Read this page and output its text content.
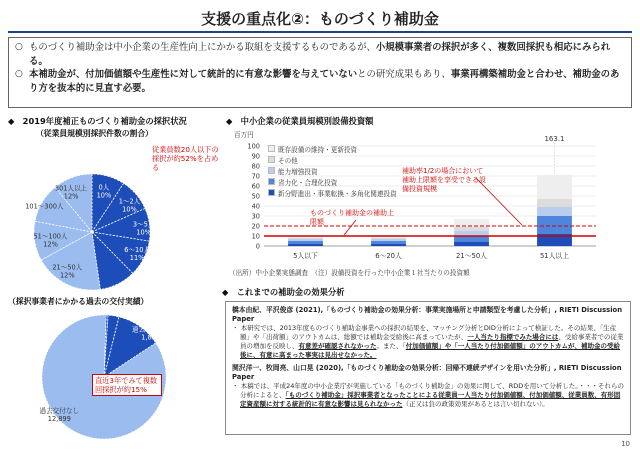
支援の重点化②：ものづくり補助金
○ ものづくり補助金は中小企業の生産性向上にかかる取組を支援するものであるが、小規模事業者の採択が多く、複数回採択も相応にみられる。
○ 本補助金が、付加価値額や生産性に対して統計的に有意な影響を与えていないとの研究成果もあり、事業再構築補助金と合わせ、補助金のあり方を抜本的に見直す必要。
◆　2019年度補正ものづくり補助金の採択状況
（従業員規模別採択件数の割合）
0人 10%
1～2人 10%
3～5人 10%
6～10人 11%
21～50人 12%
51～100人 12%
101～300人
301人以上 12%
従業員数20人以下の採択が約52%を占める
（採択事業者にかかる過去の交付実績）
過去1回交付 1,804
過去交付なし 12,899
直近3年でみて複数回採択が約15%
◆　中小企業の従業員規模別設備投資額
百万円
0
10
20
30
40
50
60
70
80
90
100
5人以下	6～20人	21～50人	51人以上
163.1
既存設備の維持・更新投資
その他
能力増強投資
省力化・合理化投資
新分野進出・事業転換・多角化関連投資
補助率1/2の場合において補助上限額を享受できる設備投資規模
ものづくり補助金の補助上限額
（出所）中小企業実態調査　（注）設備投資を行った中小企業１社当たりの投資額
◆　これまでの補助金の効果分析
橋本由紀、平沢俊彦 (2021),「ものづくり補助金の効果分析：事業実施場所と申請類型を考慮した分析」, RIETI Discussion Paper
・ 本研究では、2013年度ものづくり補助金事業への採択の結果を、マッチング分析とDID分析によって検証した。その結果、「生産額」や「出荷額」のアウトカムは、総額では補助金受給後に高まっていたが、一人当たり指標でみた場合には、受給事業者での従業員の増加を反映し、有意差が確認されなかった。また、「付加価値額」や「一人当たり付加価値額」のアウトカムが、補助金の受給後に、有意に高まった事実は見出せなかった。
関沢洋一、牧岡亮、山口晃 (2020),「ものづくり補助金の効果分析：回帰不連続デザインを用いた分析」, RIETI Discussion Paper
・ 本稿では、平成24年度の中小企業庁が実施している「ものづくり補助金」の効果に関して、RDDを用いて分析した。・・・それらの分析によると、「ものづくり補助金」採択事業者となったことによる従業員一人当たり付加価値額、付加価値額、従業員数、有形固定資産額に対する統計的に有意な影響は見られなかった（正又は負の政策効果があるとは言い切れない）。
10
